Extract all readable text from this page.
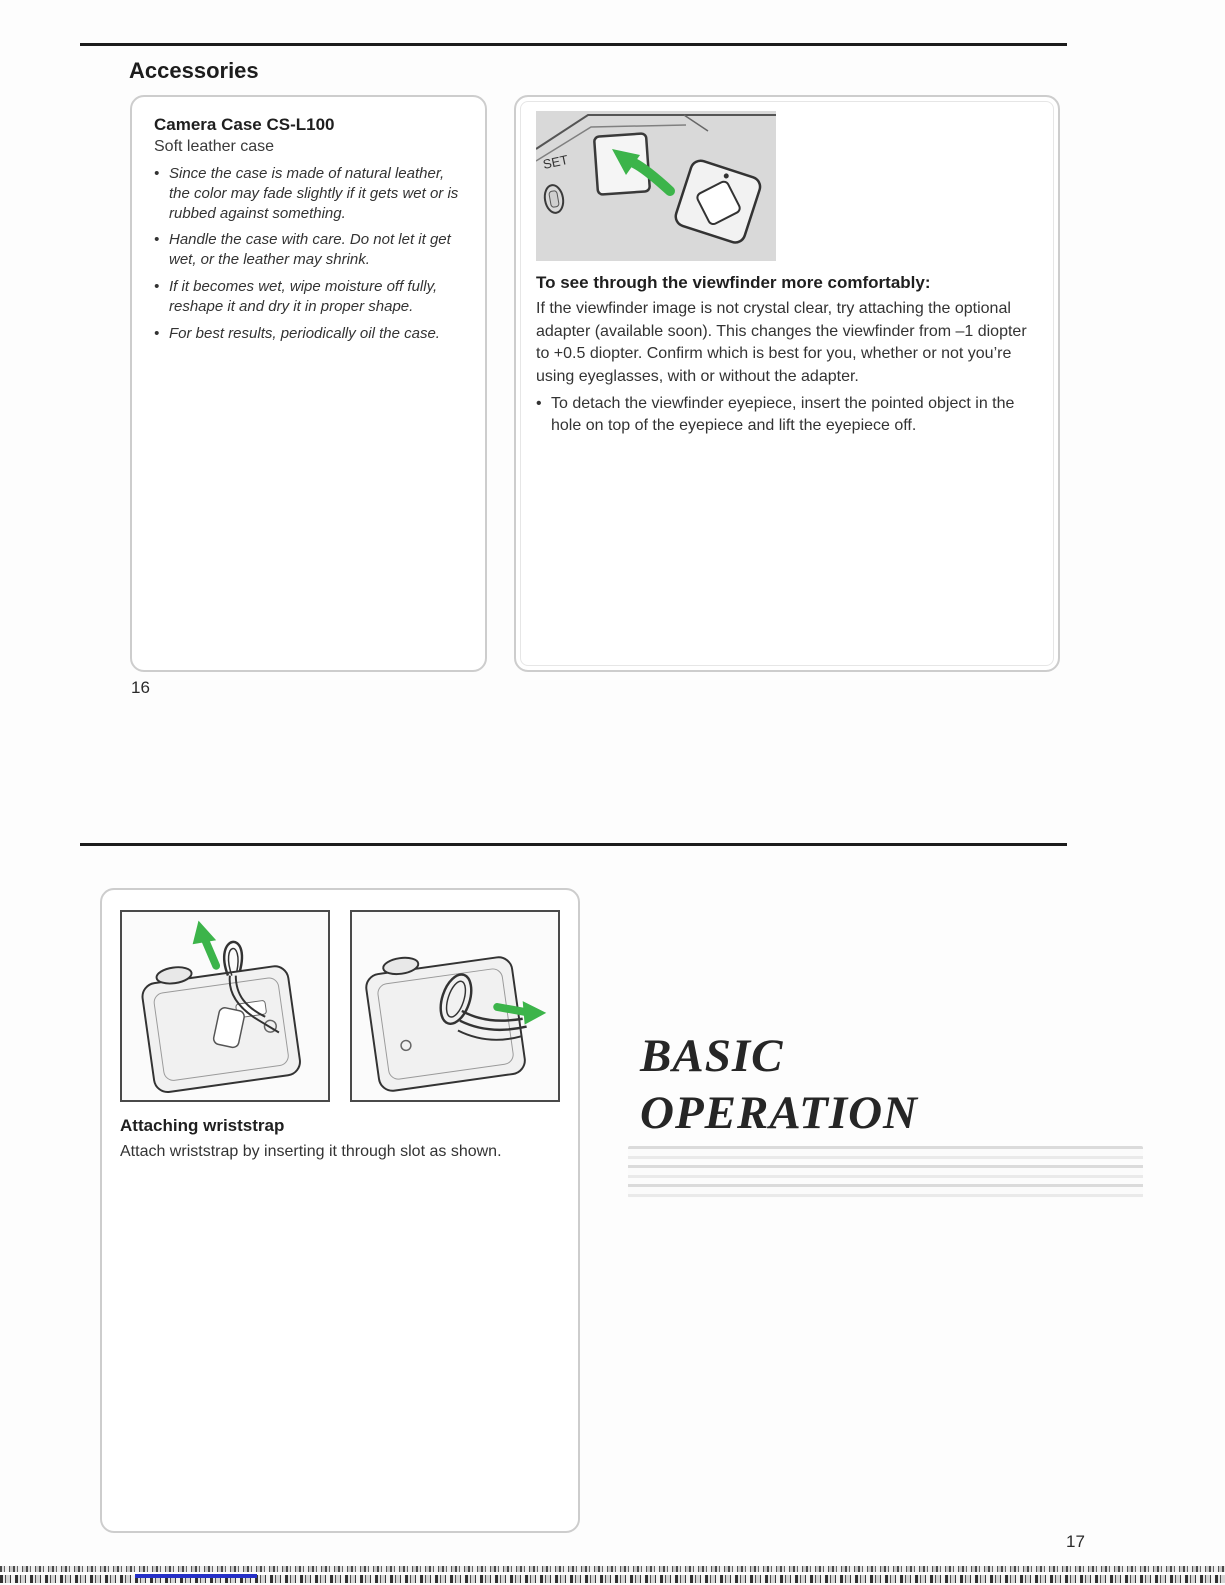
Accessories
Camera Case CS-L100

Soft leather case

• Since the case is made of natural leather, the color may fade slightly if it gets wet or is rubbed against something.
• Handle the case with care. Do not let it get wet, or the leather may shrink.
• If it becomes wet, wipe moisture off fully, reshape it and dry it in proper shape.
• For best results, periodically oil the case.
SET
To see through the viewfinder more comfortably:

If the viewfinder image is not crystal clear, try attaching the optional adapter (available soon). This changes the viewfinder from –1 diopter to +0.5 diopter. Confirm which is best for you, whether or not you’re using eyeglasses, with or without the adapter.

• To detach the viewfinder eyepiece, insert the pointed object in the hole on top of the eyepiece and lift the eyepiece off.
16
Attaching wriststrap

Attach wriststrap by inserting it through slot as shown.

BASIC
OPERATION
17
